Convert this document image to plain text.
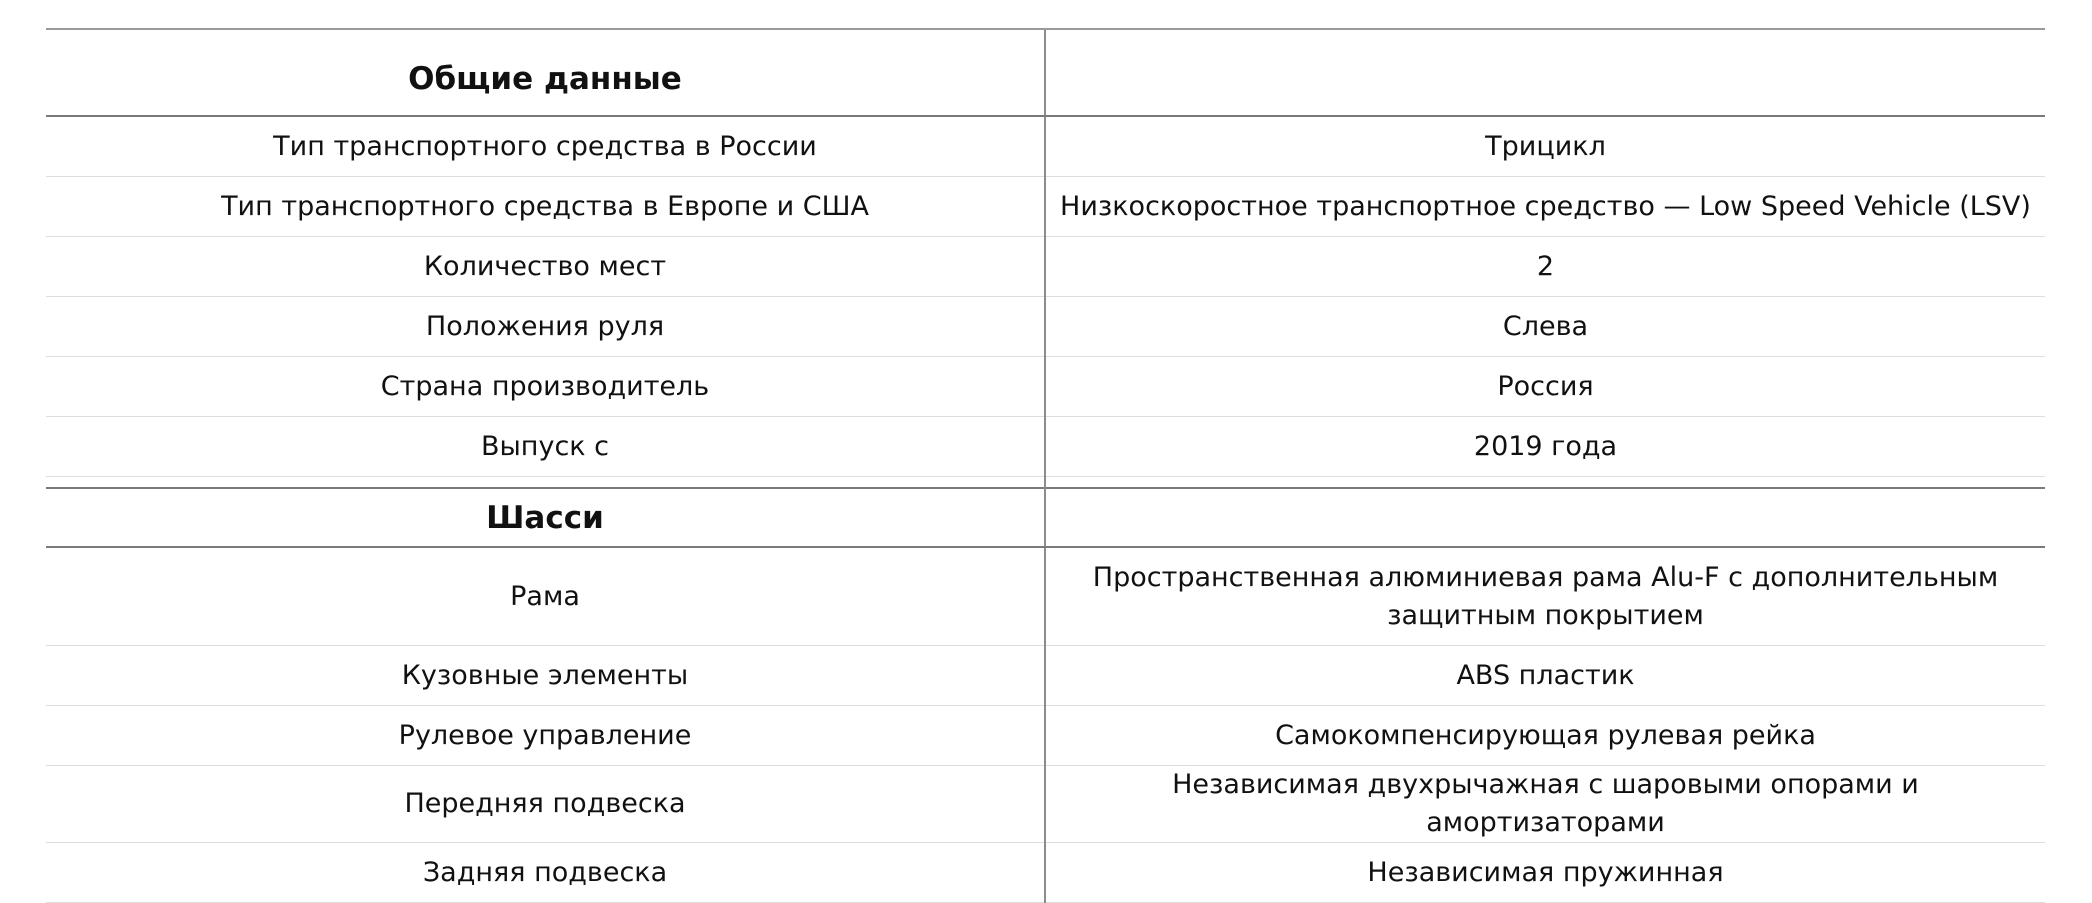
Общие данные	
Тип транспортного средства в России	Трицикл
Тип транспортного средства в Европе и США	Низкоскоростное транспортное средство — Low Speed Vehicle (LSV)
Количество мест	2
Положения руля	Слева
Страна производитель	Россия
Выпуск с	2019 года

Шасси	
Рама	Пространственная алюминиевая рама Alu-F с дополнительным защитным покрытием
Кузовные элементы	ABS пластик
Рулевое управление	Самокомпенсирующая рулевая рейка
Передняя подвеска	Независимая двухрычажная с шаровыми опорами и амортизаторами
Задняя подвеска	Независимая пружинная
